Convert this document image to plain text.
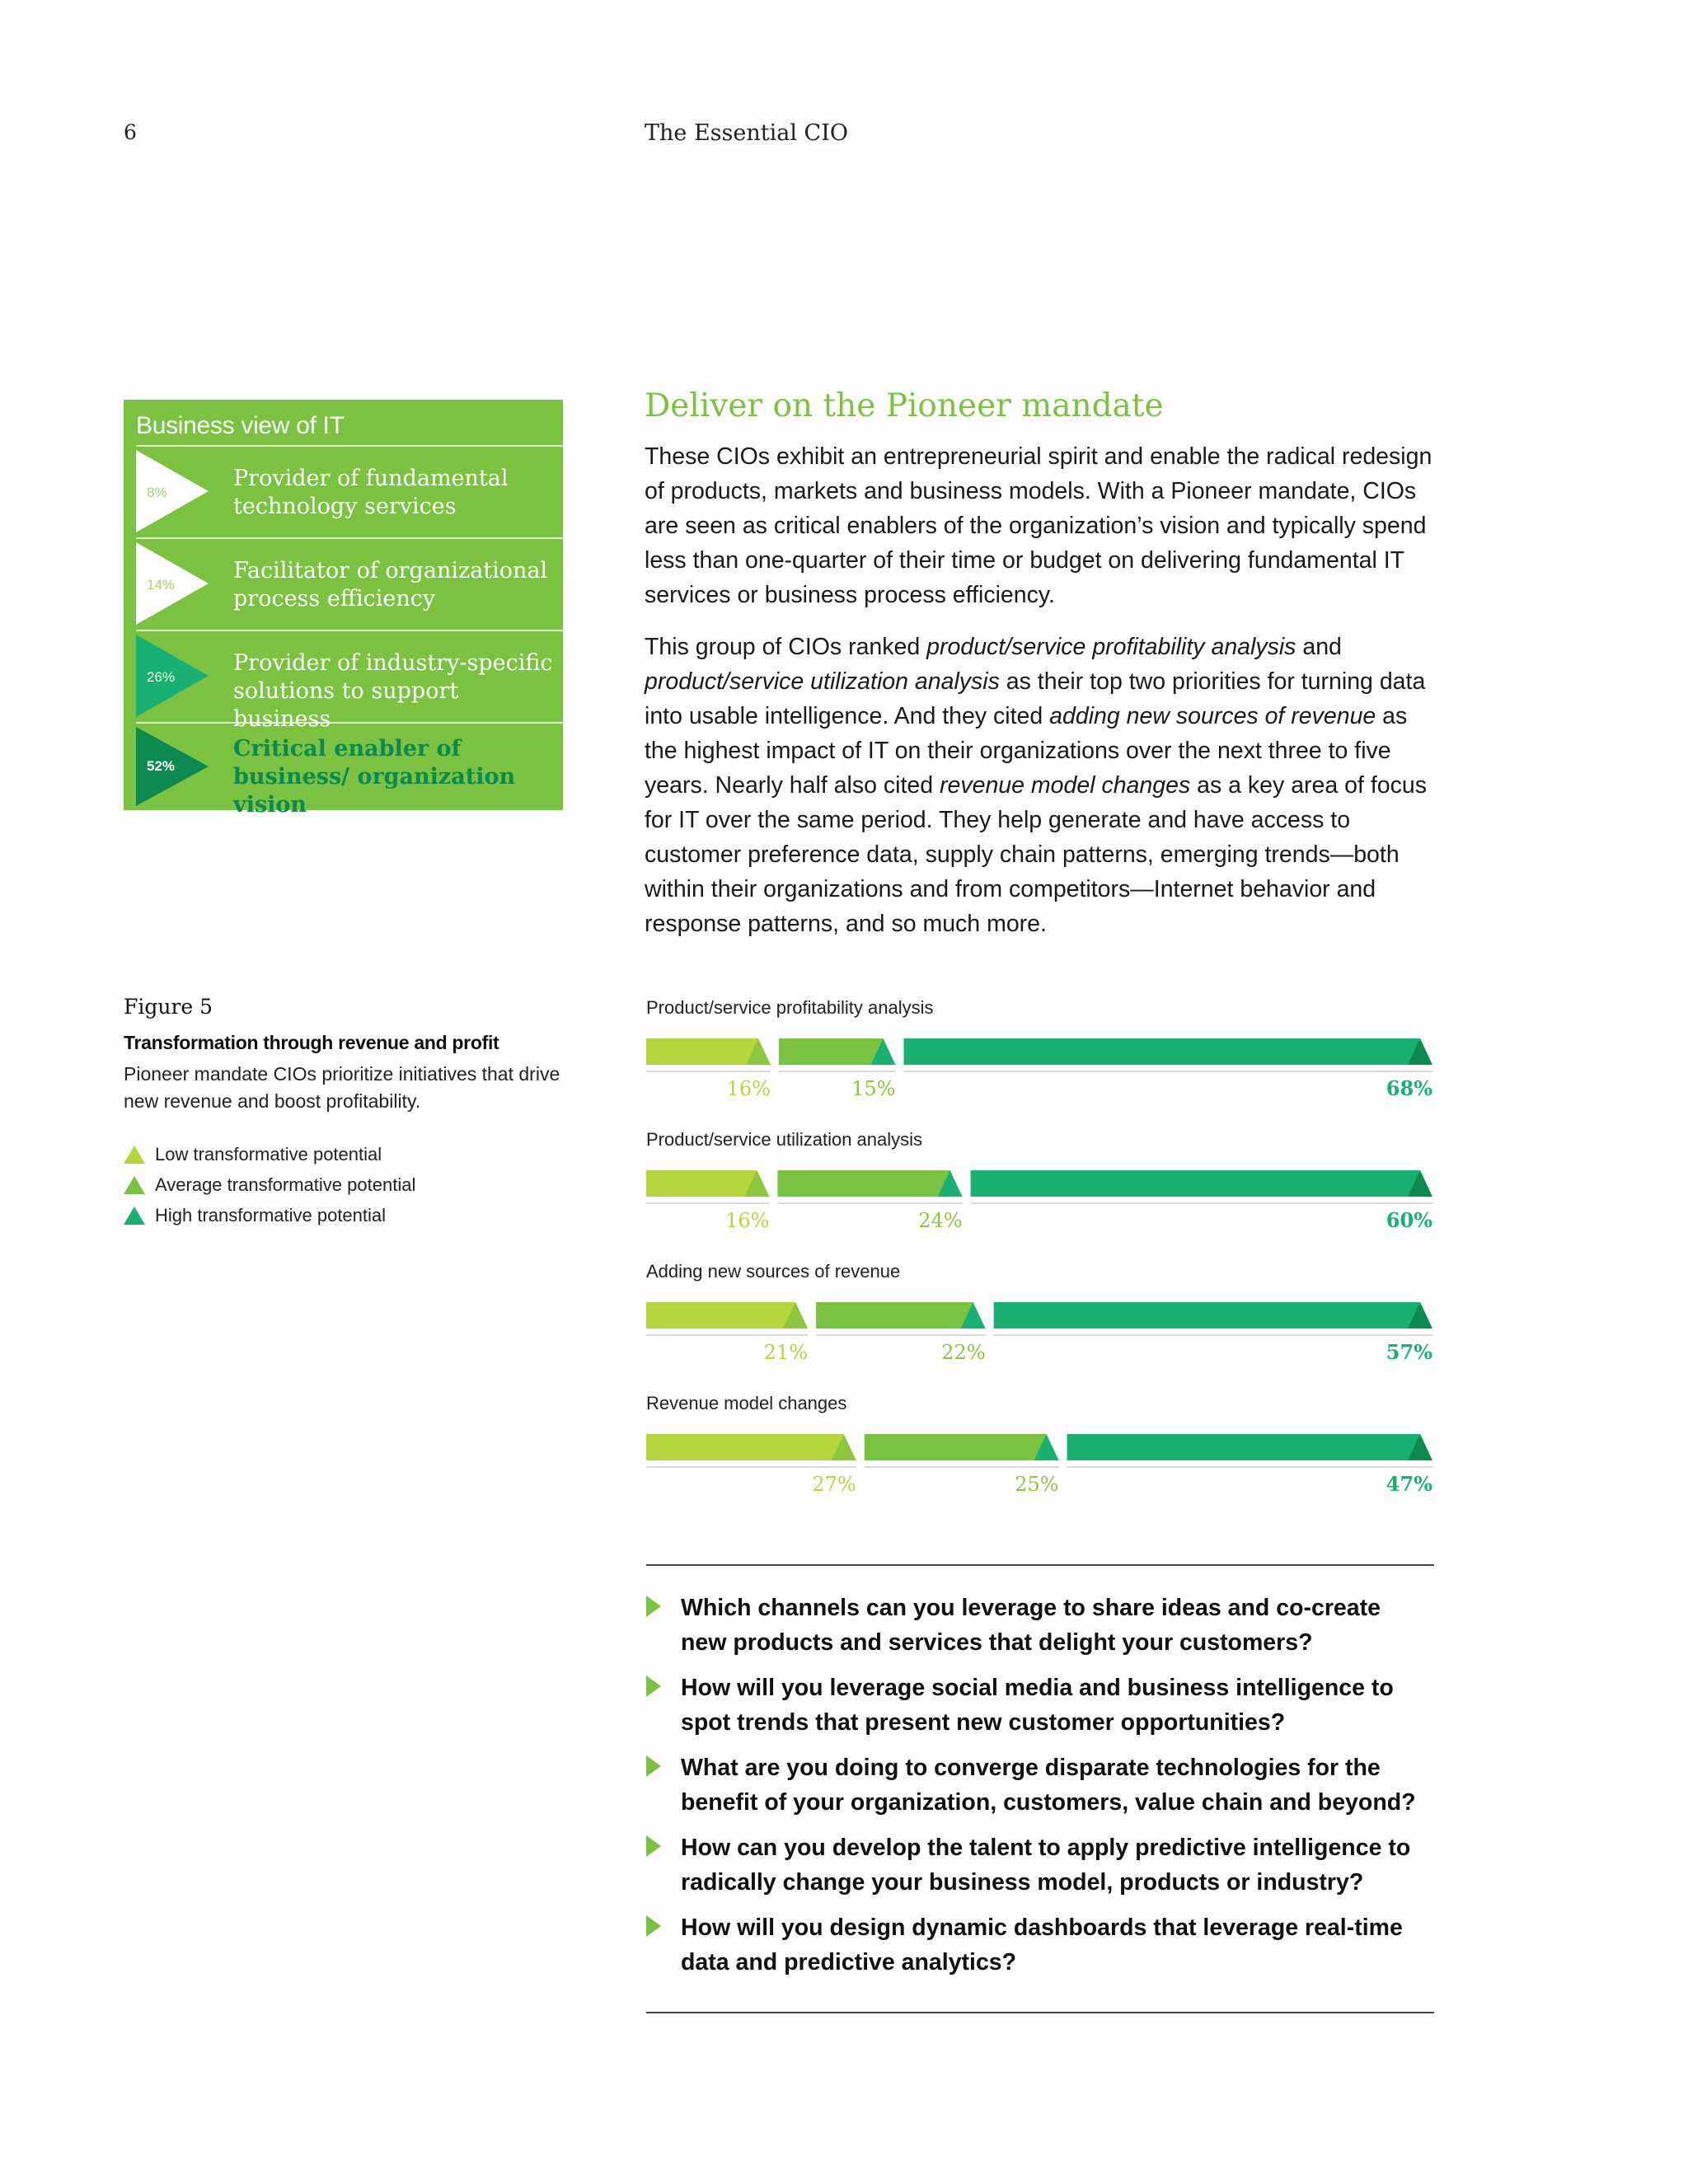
6	The Essential CIO
Business view of IT
8%
Provider of fundamental technology services
14%
Facilitator of organizational process efficiency
26%
Provider of industry-specific solutions to support business
52%
Critical enabler of business/ organization vision
Deliver on the Pioneer mandate
These CIOs exhibit an entrepreneurial spirit and enable the radical redesign of products, markets and business models. With a Pioneer mandate, CIOs are seen as critical enablers of the organization’s vision and typically spend less than one-quarter of their time or budget on delivering fundamental IT services or business process efficiency.
This group of CIOs ranked product/service profitability analysis and product/service utilization analysis as their top two priorities for turning data into usable intelligence. And they cited adding new sources of revenue as the highest impact of IT on their organizations over the next three to five years. Nearly half also cited revenue model changes as a key area of focus for IT over the same period. They help generate and have access to customer preference data, supply chain patterns, emerging trends—both within their organizations and from competitors—Internet behavior and response patterns, and so much more.
Figure 5
Transformation through revenue and profit
Pioneer mandate CIOs prioritize initiatives that drive new revenue and boost profitability.
Low transformative potential
Average transformative potential
High transformative potential
Product/service profitability analysis
16%	15%	68%
Product/service utilization analysis
16%	24%	60%
Adding new sources of revenue
21%	22%	57%
Revenue model changes
27%	25%	47%
Which channels can you leverage to share ideas and co-create new products and services that delight your customers?
How will you leverage social media and business intelligence to spot trends that present new customer opportunities?
What are you doing to converge disparate technologies for the benefit of your organization, customers, value chain and beyond?
How can you develop the talent to apply predictive intelligence to radically change your business model, products or industry?
How will you design dynamic dashboards that leverage real-time data and predictive analytics?
